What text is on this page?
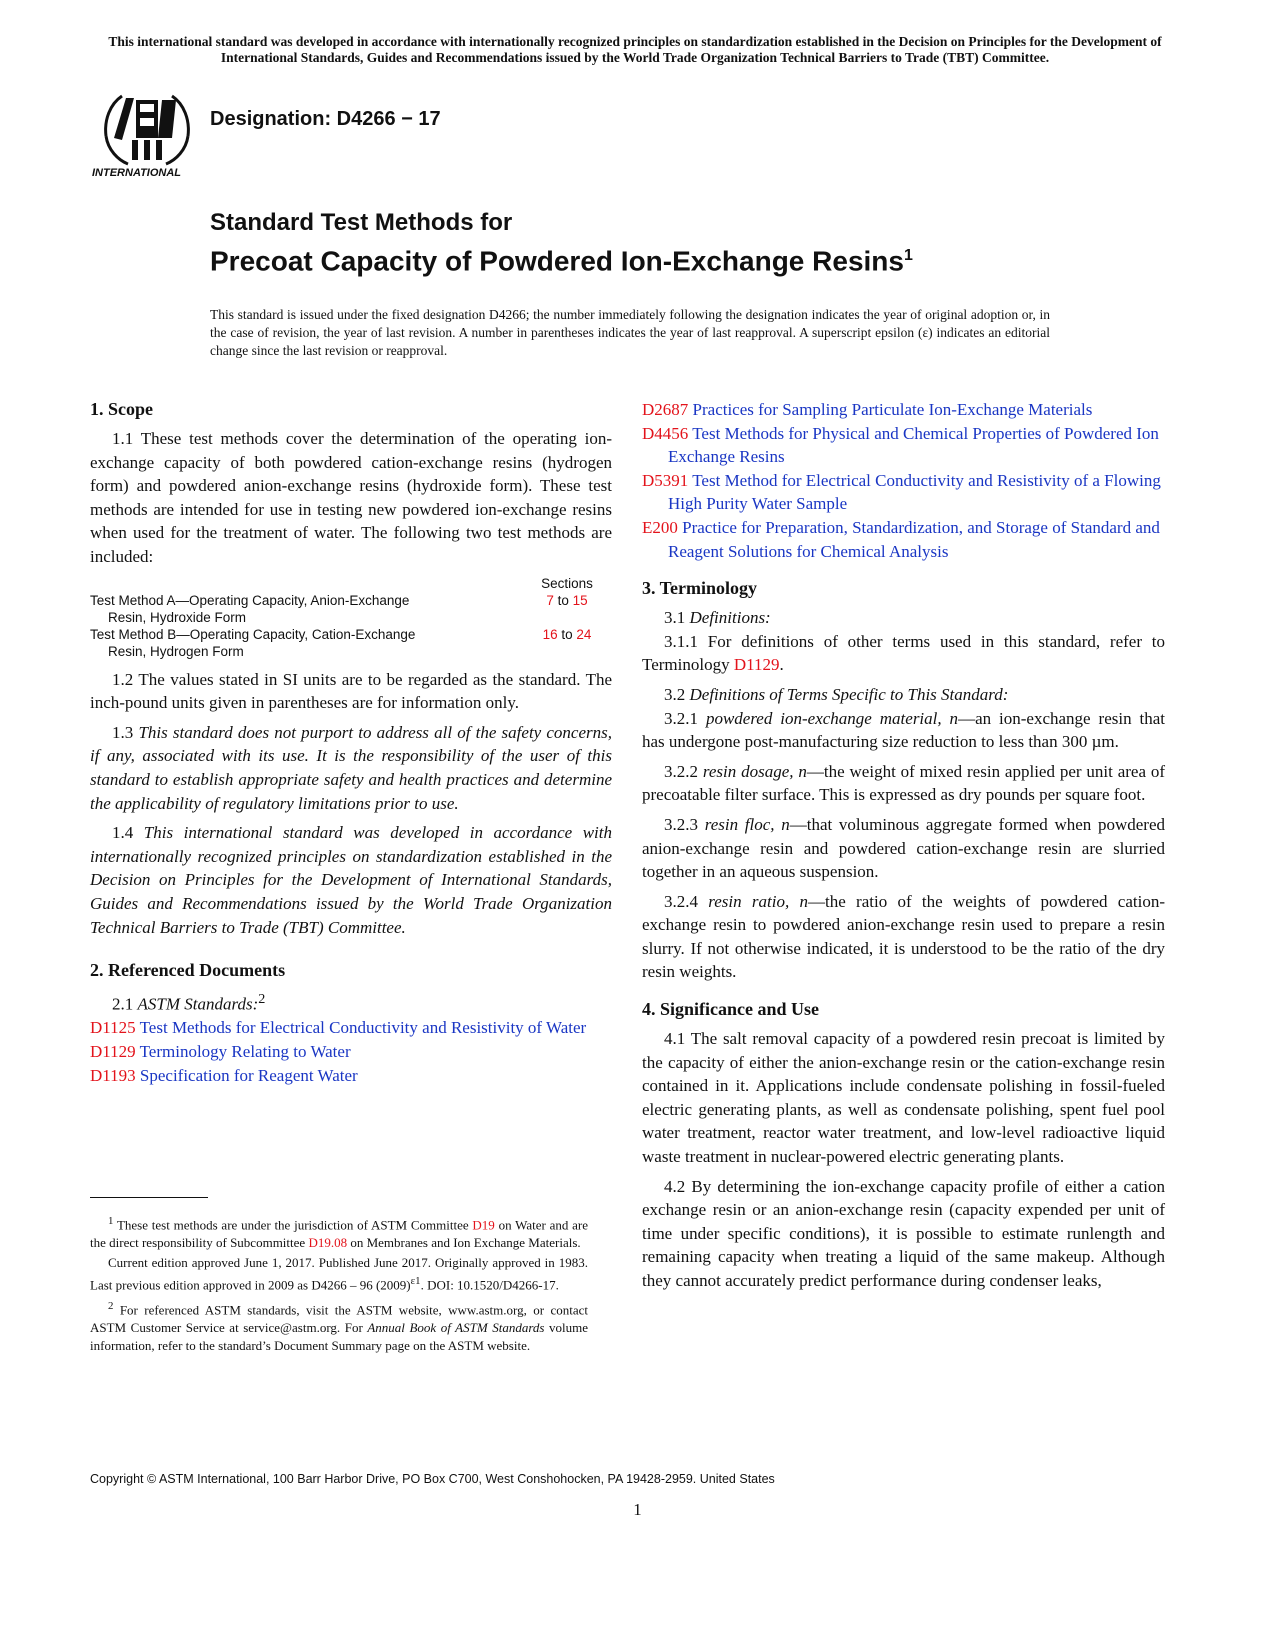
This international standard was developed in accordance with internationally recognized principles on standardization established in the Decision on Principles for the Development of International Standards, Guides and Recommendations issued by the World Trade Organization Technical Barriers to Trade (TBT) Committee.
INTERNATIONAL
Designation: D4266 − 17
Standard Test Methods for
Precoat Capacity of Powdered Ion-Exchange Resins$^1$
This standard is issued under the fixed designation D4266; the number immediately following the designation indicates the year of original adoption or, in the case of revision, the year of last revision. A number in parentheses indicates the year of last reapproval. A superscript epsilon (ε) indicates an editorial change since the last revision or reapproval.
1. Scope

1.1 These test methods cover the determination of the operating ion-exchange capacity of both powdered cation-exchange resins (hydrogen form) and powdered anion-exchange resins (hydroxide form). These test methods are intended for use in testing new powdered ion-exchange resins when used for the treatment of water. The following two test methods are included:

	Sections
Test Method A—Operating Capacity, Anion-Exchange
Resin, Hydroxide Form	7 to 15
Test Method B—Operating Capacity, Cation-Exchange
Resin, Hydrogen Form	16 to 24

1.2 The values stated in SI units are to be regarded as the standard. The inch-pound units given in parentheses are for information only.

1.3 This standard does not purport to address all of the safety concerns, if any, associated with its use. It is the responsibility of the user of this standard to establish appropriate safety and health practices and determine the applicability of regulatory limitations prior to use.

1.4 This international standard was developed in accordance with internationally recognized principles on standardization established in the Decision on Principles for the Development of International Standards, Guides and Recommendations issued by the World Trade Organization Technical Barriers to Trade (TBT) Committee.

2. Referenced Documents

2.1 ASTM Standards:$^2$

D1125 Test Methods for Electrical Conductivity and Resistivity of Water
D1129 Terminology Relating to Water
D1193 Specification for Reagent Water
D2687 Practices for Sampling Particulate Ion-Exchange Materials
D4456 Test Methods for Physical and Chemical Properties of Powdered Ion Exchange Resins
D5391 Test Method for Electrical Conductivity and Resistivity of a Flowing High Purity Water Sample
E200 Practice for Preparation, Standardization, and Storage of Standard and Reagent Solutions for Chemical Analysis
3. Terminology

3.1 Definitions:

3.1.1 For definitions of other terms used in this standard, refer to Terminology D1129.

3.2 Definitions of Terms Specific to This Standard:

3.2.1 powdered ion-exchange material, n—an ion-exchange resin that has undergone post-manufacturing size reduction to less than 300 µm.

3.2.2 resin dosage, n—the weight of mixed resin applied per unit area of precoatable filter surface. This is expressed as dry pounds per square foot.

3.2.3 resin floc, n—that voluminous aggregate formed when powdered anion-exchange resin and powdered cation-exchange resin are slurried together in an aqueous suspension.

3.2.4 resin ratio, n—the ratio of the weights of powdered cation-exchange resin to powdered anion-exchange resin used to prepare a resin slurry. If not otherwise indicated, it is understood to be the ratio of the dry resin weights.

4. Significance and Use

4.1 The salt removal capacity of a powdered resin precoat is limited by the capacity of either the anion-exchange resin or the cation-exchange resin contained in it. Applications include condensate polishing in fossil-fueled electric generating plants, as well as condensate polishing, spent fuel pool water treatment, reactor water treatment, and low-level radioactive liquid waste treatment in nuclear-powered electric generating plants.

4.2 By determining the ion-exchange capacity profile of either a cation exchange resin or an anion-exchange resin (capacity expended per unit of time under specific conditions), it is possible to estimate runlength and remaining capacity when treating a liquid of the same makeup. Although they cannot accurately predict performance during condenser leaks,

$^1$ These test methods are under the jurisdiction of ASTM Committee D19 on Water and are the direct responsibility of Subcommittee D19.08 on Membranes and Ion Exchange Materials.

Current edition approved June 1, 2017. Published June 2017. Originally approved in 1983. Last previous edition approved in 2009 as D4266 – 96 $(2009)^{\varepsilon 1}$. DOI: 10.1520/D4266-17.

$^2$ For referenced ASTM standards, visit the ASTM website, www.astm.org, or contact ASTM Customer Service at service@astm.org. For Annual Book of ASTM Standards volume information, refer to the standard’s Document Summary page on the ASTM website.

Copyright © ASTM International, 100 Barr Harbor Drive, PO Box C700, West Conshohocken, PA 19428-2959. United States
1
